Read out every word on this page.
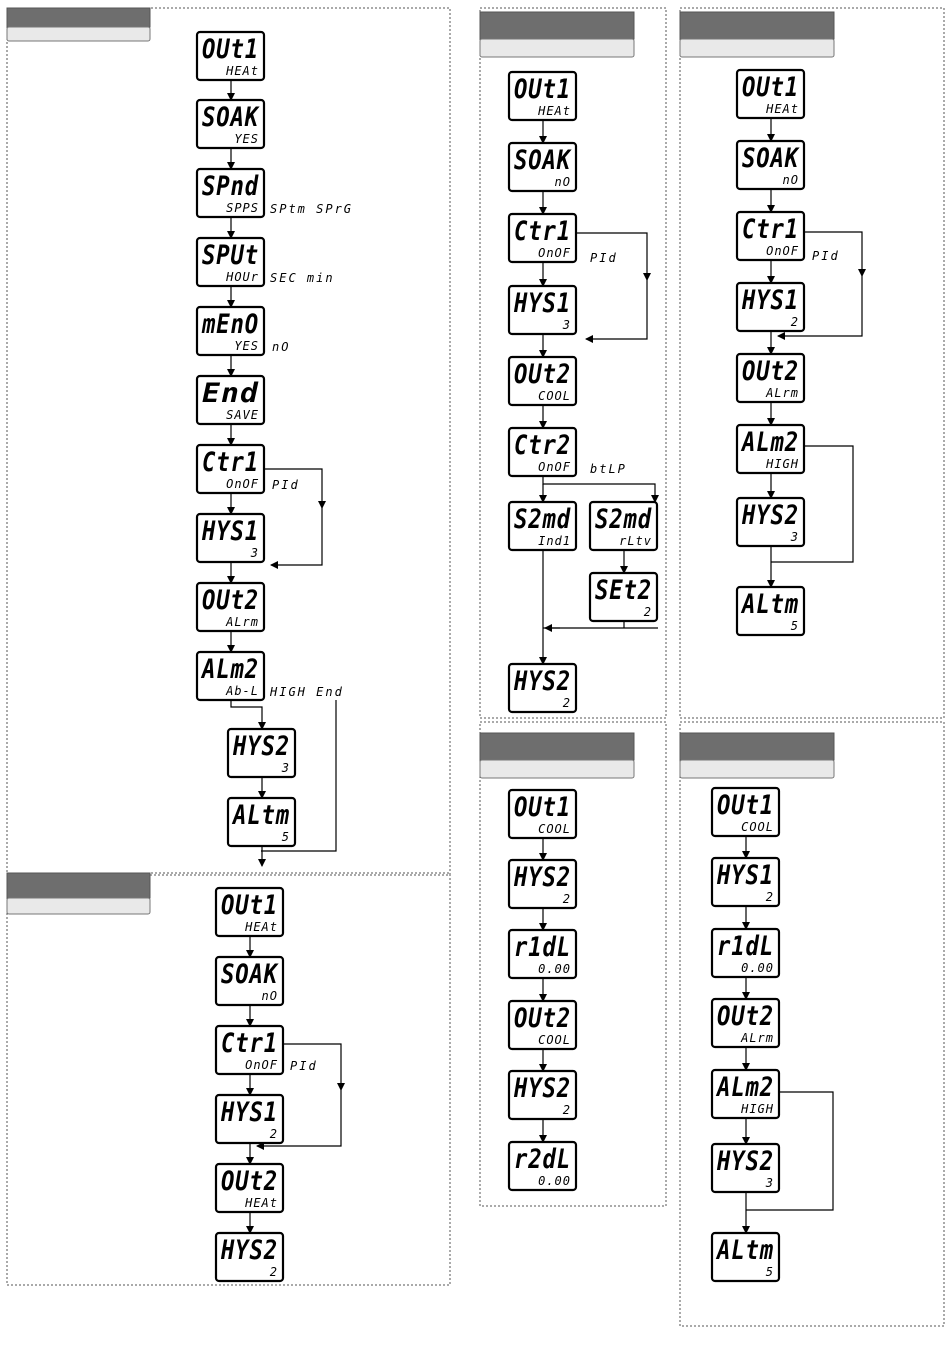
OUt1
HEAt
SOAK
YES
SPnd
SPPS
SPUt
HOUr
mEnO
YES
End
SAVE
Ctr1
OnOF
HYS1
3
OUt2
ALrm
ALm2
Ab-L
HYS2
3
ALtm
5
OUt1
HEAt
SOAK
nO
Ctr1
OnOF
HYS1
2
OUt2
HEAt
HYS2
2
OUt1
HEAt
SOAK
nO
Ctr1
OnOF
HYS1
3
OUt2
COOL
Ctr2
OnOF
S2md
Ind1
S2md
rLtv
SEt2
2
HYS2
2
OUt1
HEAt
SOAK
nO
Ctr1
OnOF
HYS1
2
OUt2
ALrm
ALm2
HIGH
HYS2
3
ALtm
5
OUt1
COOL
HYS2
2
r1dL
0.00
OUt2
COOL
HYS2
2
r2dL
0.00
OUt1
COOL
HYS1
2
r1dL
0.00
OUt2
ALrm
ALm2
HIGH
HYS2
3
ALtm
5
SPtm SPrG
SEC min
nO
PId
HIGH End
PId
PId
btLP
PId
